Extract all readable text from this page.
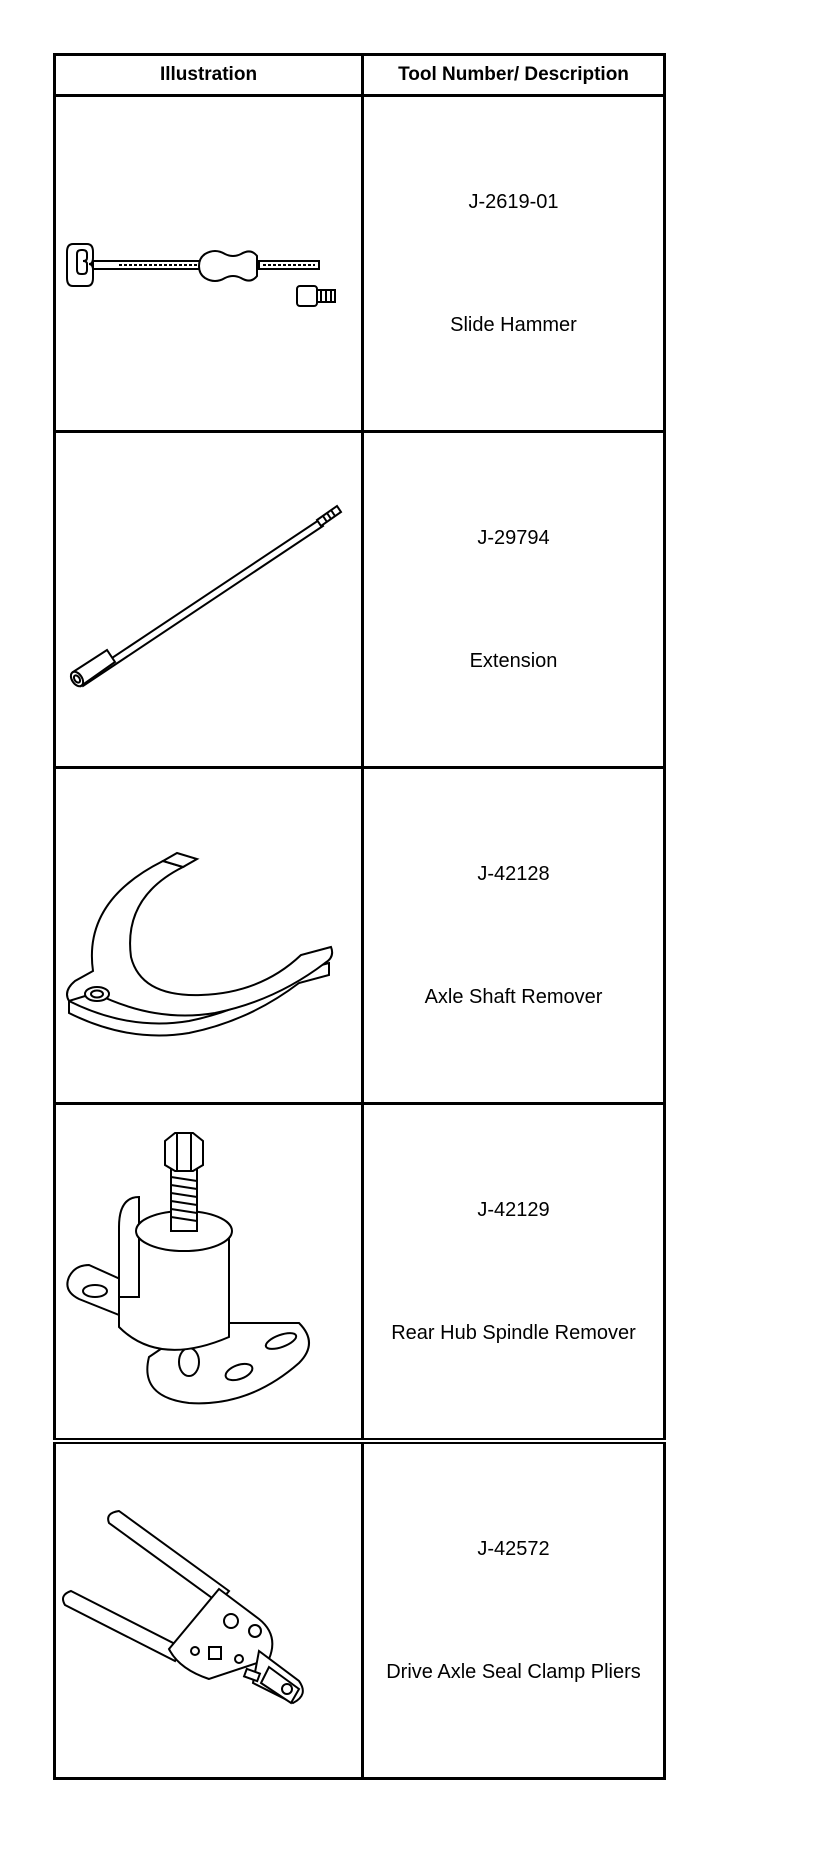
Illustration	Tool Number/ Description

J-2619-01
Slide Hammer

J-29794
Extension

J-42128
Axle Shaft Remover

J-42129
Rear Hub Spindle Remover

J-42572
Drive Axle Seal Clamp Pliers
